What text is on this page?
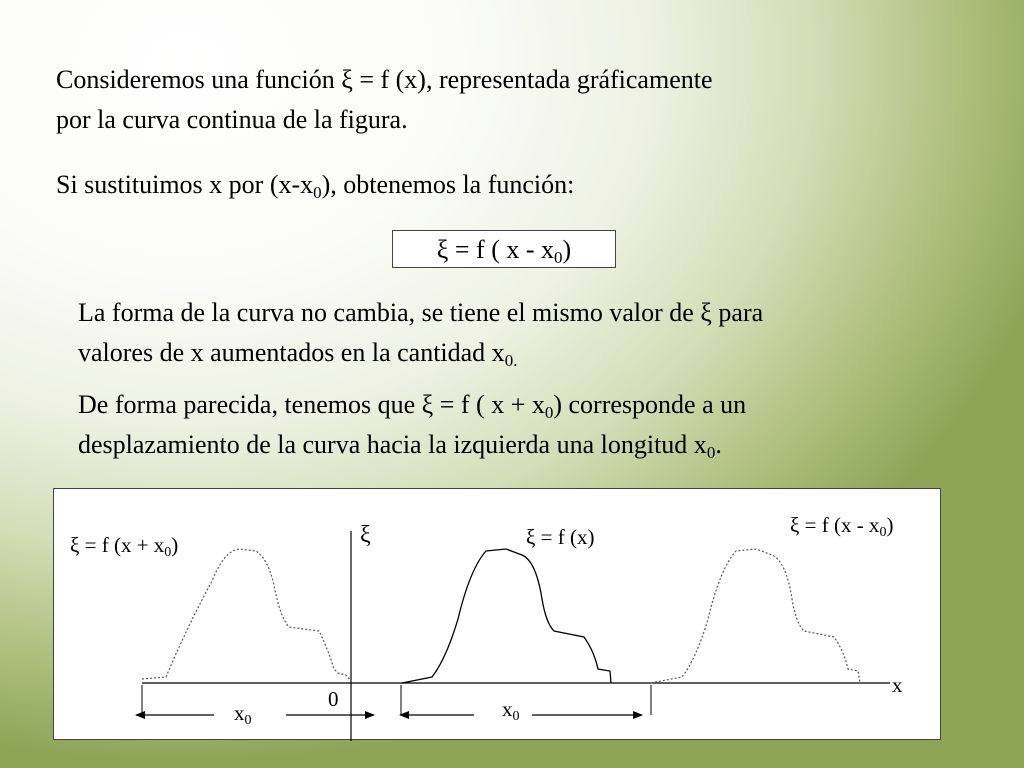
Consideremos una función ξ = f (x), representada gráficamente
por la curva continua de la figura.

Si sustituimos x por $(x-x_0)$, obtenemos la función:

ξ = f ( x - $x_0$)

La forma de la curva no cambia, se tiene el mismo valor de ξ para
valores de x aumentados en la cantidad $x_{0.}$

De forma parecida, tenemos que ξ = f ( $x + x_0$) corresponde a un
desplazamiento de la curva hacia la izquierda una longitud $x_0$.

ξ = f $(x + x_0)$	ξ	ξ = f (x)	ξ = f $(x - x_0)$
x
0
$x_0$	$x_0$
